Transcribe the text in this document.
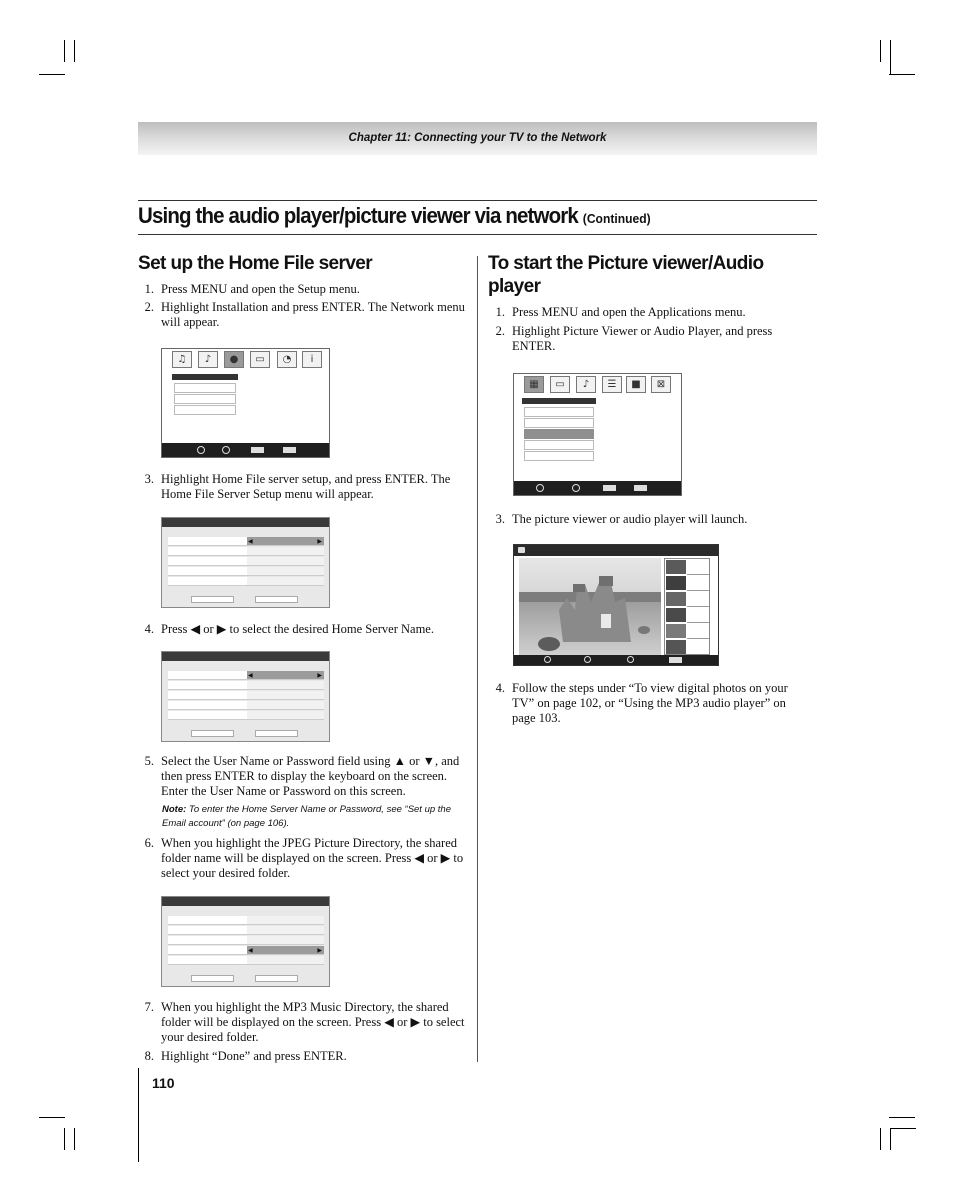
Chapter 11: Connecting your TV to the Network
Using the audio player/picture viewer via network (Continued)
Set up the Home File server
1. Press MENU and open the Setup menu.
2. Highlight Installation and press ENTER. The Network menu will appear.
♫	♪	●	▭	◔	i
3. Highlight Home File server setup, and press ENTER. The Home File Server Setup menu will appear.
◀	▶
4. Press ◀ or ▶ to select the desired Home Server Name.
◀	▶
5. Select the User Name or Password field using ▲ or ▼, and then press ENTER to display the keyboard on the screen. Enter the User Name or Password on this screen.
Note: To enter the Home Server Name or Password, see “Set up the Email account” (on page 106).
6. When you highlight the JPEG Picture Directory, the shared folder name will be displayed on the screen. Press ◀ or ▶ to select your desired folder.
◀	▶
7. When you highlight the MP3 Music Directory, the shared folder will be displayed on the screen. Press ◀ or ▶ to select your desired folder.
8. Highlight “Done” and press ENTER.
To start the Picture viewer/Audio
player
1. Press MENU and open the Applications menu.
2. Highlight Picture Viewer or Audio Player, and press ENTER.
▦	▭	♪	☰	■	⊠
3. The picture viewer or audio player will launch.
4. Follow the steps under “To view digital photos on your TV” on page 102, or “Using the MP3 audio player” on page 103.
110
